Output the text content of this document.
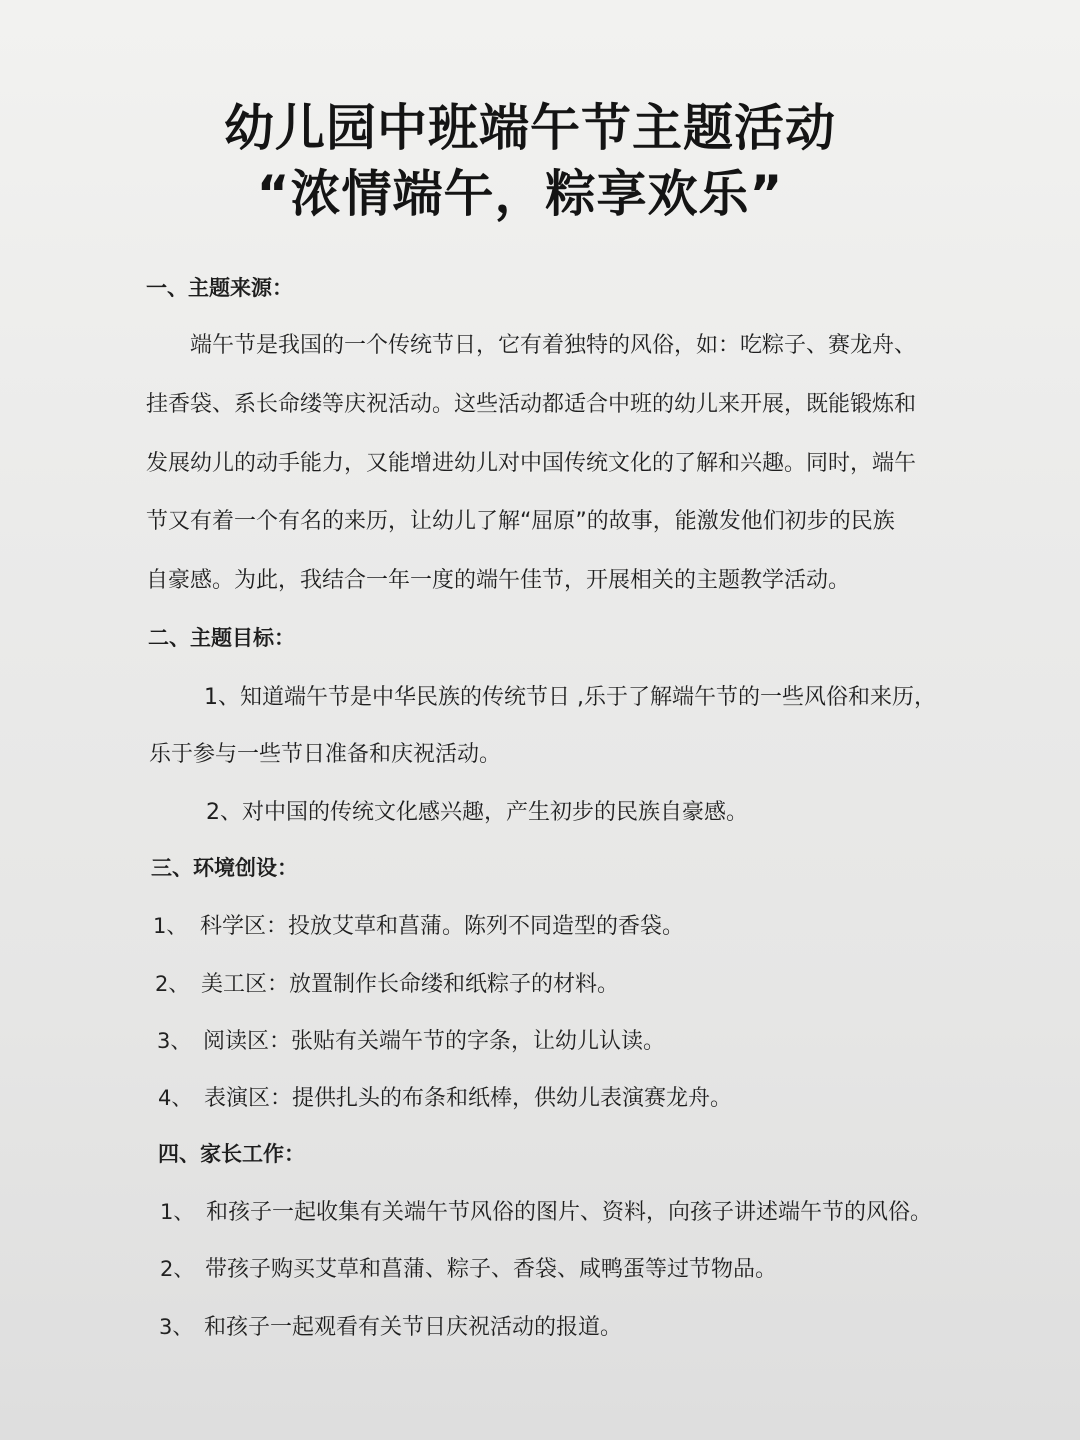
幼儿园中班端午节主题活动
“浓情端午，粽享欢乐”
一、主题来源：
端午节是我国的一个传统节日，它有着独特的风俗，如：吃粽子、赛龙舟、
挂香袋、系长命缕等庆祝活动。这些活动都适合中班的幼儿来开展，既能锻炼和
发展幼儿的动手能力，又能增进幼儿对中国传统文化的了解和兴趣。同时，端午
节又有着一个有名的来历，让幼儿了解“屈原”的故事，能激发他们初步的民族
自豪感。为此，我结合一年一度的端午佳节，开展相关的主题教学活动。
二、主题目标：
1、知道端午节是中华民族的传统节日 ,乐于了解端午节的一些风俗和来历，
乐于参与一些节日准备和庆祝活动。
2、对中国的传统文化感兴趣，产生初步的民族自豪感。
三、环境创设：
1、 科学区：投放艾草和菖蒲。陈列不同造型的香袋。
2、 美工区：放置制作长命缕和纸粽子的材料。
3、 阅读区：张贴有关端午节的字条，让幼儿认读。
4、 表演区：提供扎头的布条和纸棒，供幼儿表演赛龙舟。
四、家长工作：
1、 和孩子一起收集有关端午节风俗的图片、资料，向孩子讲述端午节的风俗。
2、 带孩子购买艾草和菖蒲、粽子、香袋、咸鸭蛋等过节物品。
3、 和孩子一起观看有关节日庆祝活动的报道。
